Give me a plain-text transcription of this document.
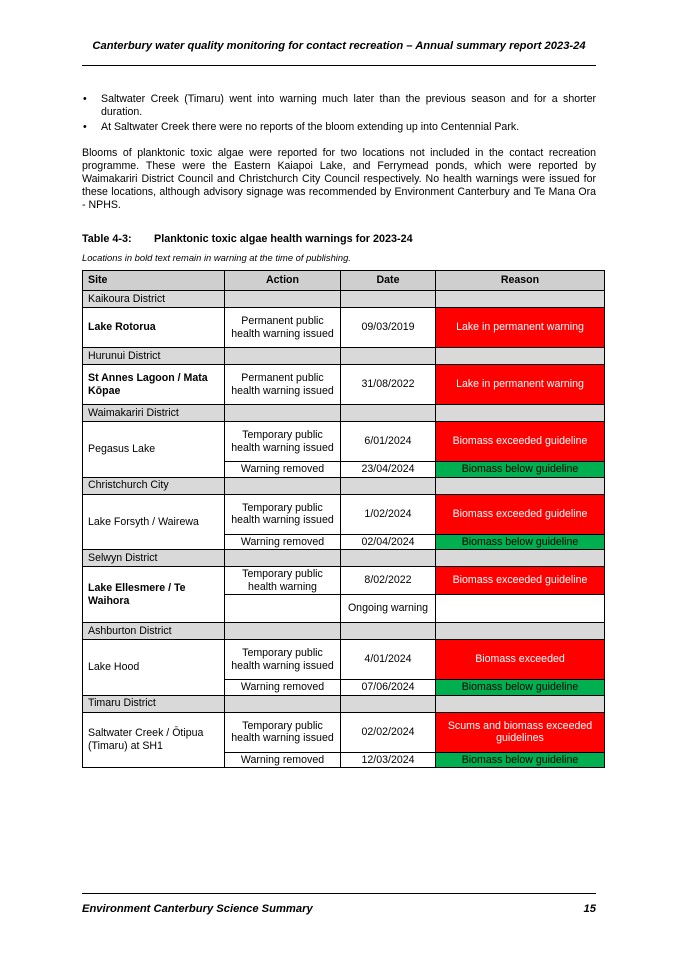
Canterbury water quality monitoring for contact recreation – Annual summary report 2023-24
• Saltwater Creek (Timaru) went into warning much later than the previous season and for a shorter duration.
• At Saltwater Creek there were no reports of the bloom extending up into Centennial Park.

Blooms of planktonic toxic algae were reported for two locations not included in the contact recreation programme. These were the Eastern Kaiapoi Lake, and Ferrymead ponds, which were reported by Waimakariri District Council and Christchurch City Council respectively. No health warnings were issued for these locations, although advisory signage was recommended by Environment Canterbury and Te Mana Ora - NPHS.

Table 4-3: Planktonic toxic algae health warnings for 2023-24
Locations in bold text remain in warning at the time of publishing.
Site	Action	Date	Reason
Kaikoura District			
Lake Rotorua	Permanent public health warning issued	09/03/2019	Lake in permanent warning
Hurunui District			
St Annes Lagoon / Mata Kōpae	Permanent public health warning issued	31/08/2022	Lake in permanent warning
Waimakariri District			
Pegasus Lake	Temporary public health warning issued	6/01/2024	Biomass exceeded guideline
	Warning removed	23/04/2024	Biomass below guideline
Christchurch City			
Lake Forsyth / Wairewa	Temporary public health warning issued	1/02/2024	Biomass exceeded guideline
	Warning removed	02/04/2024	Biomass below guideline
Selwyn District			
Lake Ellesmere / Te Waihora	Temporary public health warning	8/02/2022	Biomass exceeded guideline
		Ongoing warning	
Ashburton District			
Lake Hood	Temporary public health warning issued	4/01/2024	Biomass exceeded
	Warning removed	07/06/2024	Biomass below guideline
Timaru District			
Saltwater Creek / Ōtipua (Timaru) at SH1	Temporary public health warning issued	02/02/2024	Scums and biomass exceeded guidelines
	Warning removed	12/03/2024	Biomass below guideline
Environment Canterbury Science Summary	15
